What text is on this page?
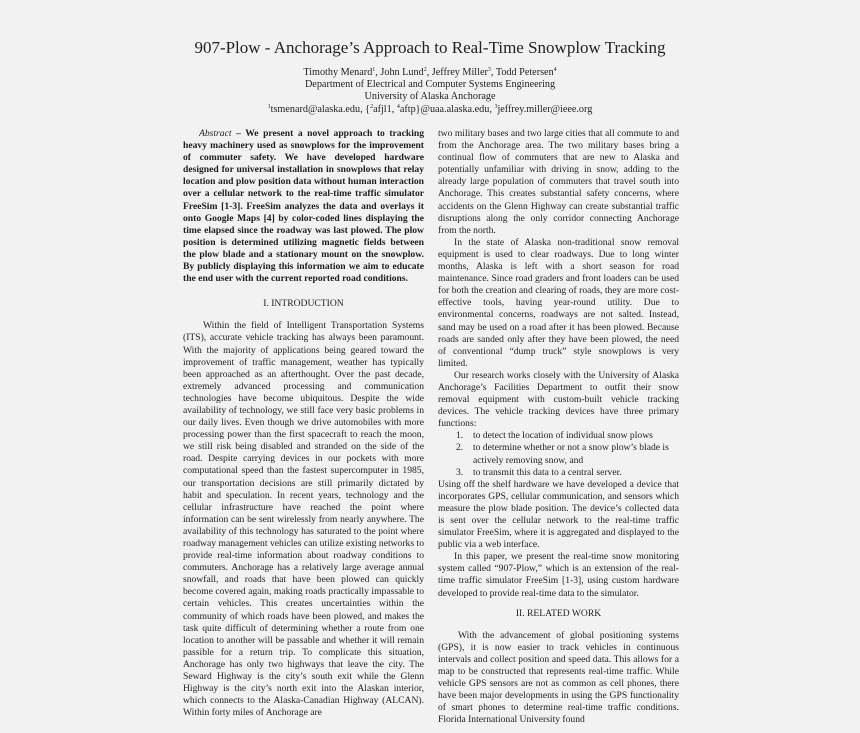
907-Plow - Anchorage’s Approach to Real-Time Snowplow Tracking
Timothy Menard$^1$, John Lund$^2$, Jeffrey Miller$^3$, Todd Petersen$^4$
Department of Electrical and Computer Systems Engineering
University of Alaska Anchorage
$^1$tsmenard@alaska.edu, {$^2$afjl1, $^4$aftp}@uaa.alaska.edu, $^3$jeffrey.miller@ieee.org

Abstract – We present a novel approach to tracking heavy machinery used as snowplows for the improvement of commuter safety. We have developed hardware designed for universal installation in snowplows that relay location and plow position data without human interaction over a cellular network to the real-time traffic simulator FreeSim [1-3]. FreeSim analyzes the data and overlays it onto Google Maps [4] by color-coded lines displaying the time elapsed since the roadway was last plowed. The plow position is determined utilizing magnetic fields between the plow blade and a stationary mount on the snowplow. By publicly displaying this information we aim to educate the end user with the current reported road conditions.

I. INTRODUCTION

Within the field of Intelligent Transportation Systems (ITS), accurate vehicle tracking has always been paramount. With the majority of applications being geared toward the improvement of traffic management, weather has typically been approached as an afterthought. Over the past decade, extremely advanced processing and communication technologies have become ubiquitous. Despite the wide availability of technology, we still face very basic problems in our daily lives. Even though we drive automobiles with more processing power than the first spacecraft to reach the moon, we still risk being disabled and stranded on the side of the road. Despite carrying devices in our pockets with more computational speed than the fastest supercomputer in 1985, our transportation decisions are still primarily dictated by habit and speculation. In recent years, technology and the cellular infrastructure have reached the point where information can be sent wirelessly from nearly anywhere. The availability of this technology has saturated to the point where roadway management vehicles can utilize existing networks to provide real-time information about roadway conditions to commuters. Anchorage has a relatively large average annual snowfall, and roads that have been plowed can quickly become covered again, making roads practically impassable to certain vehicles. This creates uncertainties within the community of which roads have been plowed, and makes the task quite difficult of determining whether a route from one location to another will be passable and whether it will remain passible for a return trip. To complicate this situation, Anchorage has only two highways that leave the city. The Seward Highway is the city’s south exit while the Glenn Highway is the city’s north exit into the Alaskan interior, which connects to the Alaska-Canadian Highway (ALCAN). Within forty miles of Anchorage are

two military bases and two large cities that all commute to and from the Anchorage area. The two military bases bring a continual flow of commuters that are new to Alaska and potentially unfamiliar with driving in snow, adding to the already large population of commuters that travel south into Anchorage. This creates substantial safety concerns, where accidents on the Glenn Highway can create substantial traffic disruptions along the only corridor connecting Anchorage from the north.

In the state of Alaska non-traditional snow removal equipment is used to clear roadways. Due to long winter months, Alaska is left with a short season for road maintenance. Since road graders and front loaders can be used for both the creation and clearing of roads, they are more cost-effective tools, having year-round utility. Due to environmental concerns, roadways are not salted. Instead, sand may be used on a road after it has been plowed. Because roads are sanded only after they have been plowed, the need of conventional “dump truck” style snowplows is very limited.

Our research works closely with the University of Alaska Anchorage’s Facilities Department to outfit their snow removal equipment with custom-built vehicle tracking devices. The vehicle tracking devices have three primary functions:

1. to detect the location of individual snow plows
2. to determine whether or not a snow plow’s blade is actively removing snow, and
3. to transmit this data to a central server.

Using off the shelf hardware we have developed a device that incorporates GPS, cellular communication, and sensors which measure the plow blade position. The device’s collected data is sent over the cellular network to the real-time traffic simulator FreeSim, where it is aggregated and displayed to the public via a web interface.

In this paper, we present the real-time snow monitoring system called “907-Plow,” which is an extension of the real-time traffic simulator FreeSim [1-3], using custom hardware developed to provide real-time data to the simulator.

II. RELATED WORK

With the advancement of global positioning systems (GPS), it is now easier to track vehicles in continuous intervals and collect position and speed data. This allows for a map to be constructed that represents real-time traffic. While vehicle GPS sensors are not as common as cell phones, there have been major developments in using the GPS functionality of smart phones to determine real-time traffic conditions. Florida International University found
